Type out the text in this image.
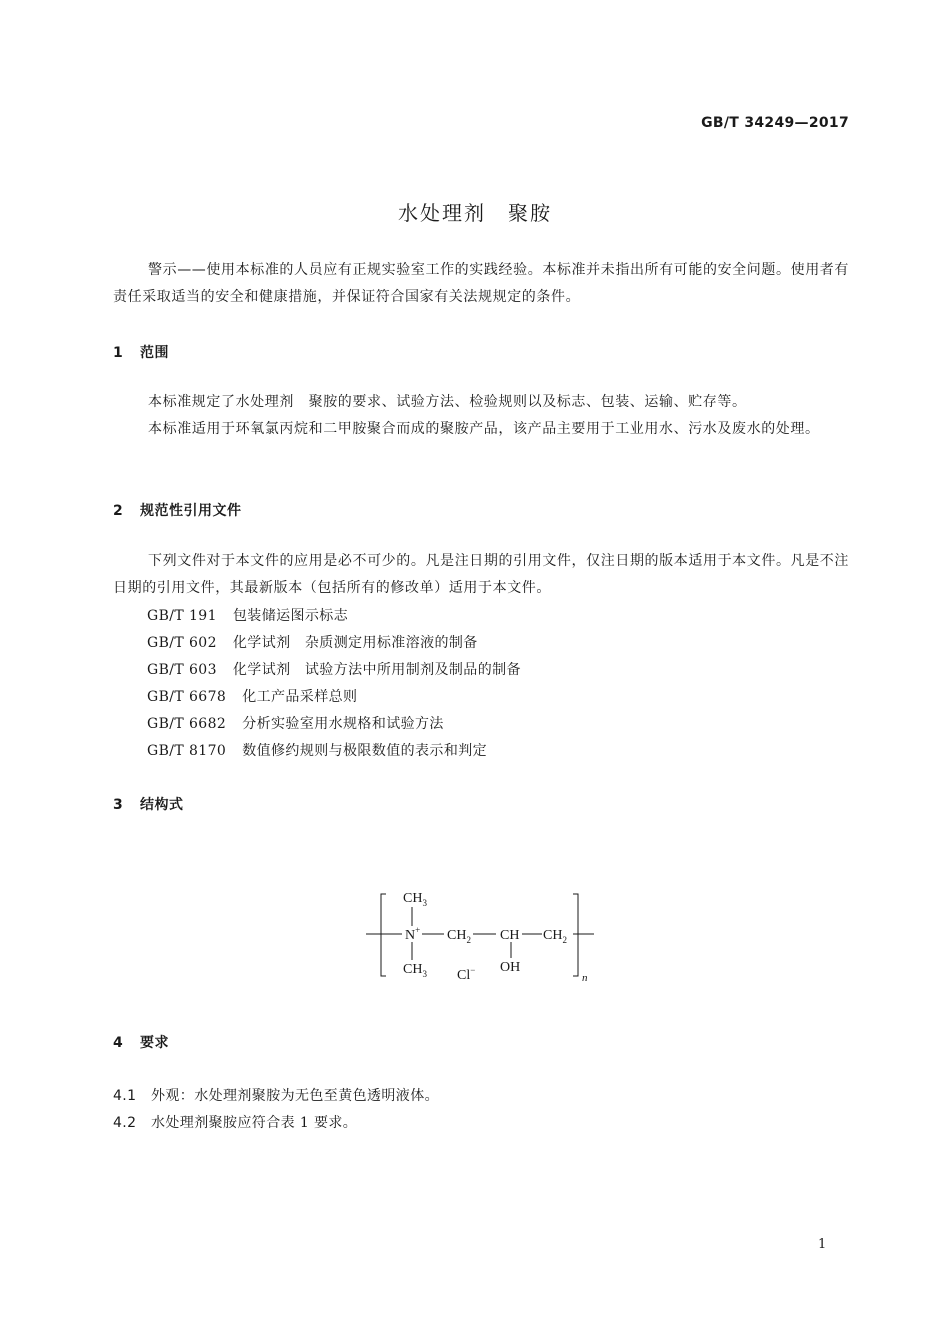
GB/T 34249—2017
水处理剂　聚胺
警示——使用本标准的人员应有正规实验室工作的实践经验。本标准并未指出所有可能的安全问题。使用者有责任采取适当的安全和健康措施，并保证符合国家有关法规规定的条件。
1 范围
本标准规定了水处理剂　聚胺的要求、试验方法、检验规则以及标志、包装、运输、贮存等。
本标准适用于环氧氯丙烷和二甲胺聚合而成的聚胺产品，该产品主要用于工业用水、污水及废水的处理。
2 规范性引用文件
下列文件对于本文件的应用是必不可少的。凡是注日期的引用文件，仅注日期的版本适用于本文件。凡是不注日期的引用文件，其最新版本（包括所有的修改单）适用于本文件。
GB/T 191 包装储运图示标志
GB/T 602 化学试剂　杂质测定用标准溶液的制备
GB/T 603 化学试剂　试验方法中所用制剂及制品的制备
GB/T 6678 化工产品采样总则
GB/T 6682 分析实验室用水规格和试验方法
GB/T 8170 数值修约规则与极限数值的表示和判定
3 结构式
$CH_3$
N+ $CH_2$ CH $CH_2$
$CH_3$	OH
Cl−
n
4 要求
4.1 外观：水处理剂聚胺为无色至黄色透明液体。
4.2 水处理剂聚胺应符合表 1 要求。
1
